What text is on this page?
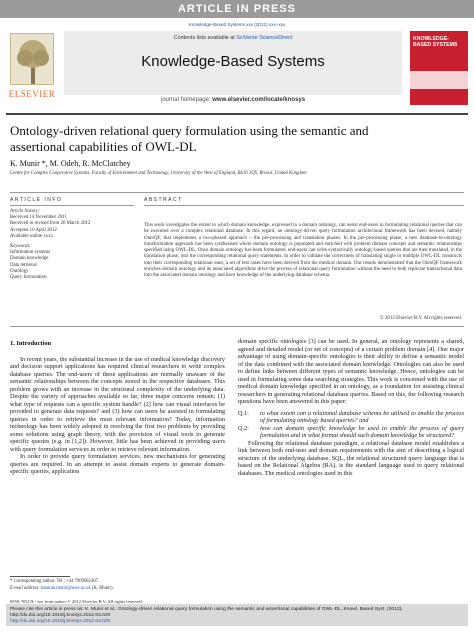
ARTICLE IN PRESS
Knowledge-Based Systems xxx (2012) xxx–xxx
ELSEVIER
Contents lists available at SciVerse ScienceDirect
Knowledge-Based Systems
journal homepage: www.elsevier.com/locate/knosys
KNOWLEDGE-BASED SYSTEMS
Ontology-driven relational query formulation using the semantic and
assertional capabilities of OWL-DL
K. Munir *, M. Odeh, R. McClatchey
Centre for Complex Cooperative Systems, Faculty of Environment and Technology, University of the West of England, BS16 1QY, Bristol, United Kingdom
ARTICLE INFO	ABSTRACT
Article history:
Received 14 November 2011
Received in revised form 26 March 2012
Accepted 10 April 2012
Available online xxxx
Keywords:
Information systems
Domain knowledge
Data retrieval
Ontology
Query formulation
This work investigates the extent to which domain knowledge, expressed in a domain ontology, can assist end-users in formulating relational queries that can be executed over a complex relational database. In this regard, an ontology-driven query formulation architectural framework has been devised, namely OntoQF, that implements a two-phased approach – the pre-processing and translation phases. In the pre-processing phase, a new database-to-ontology transformation approach has been synthesised where domain ontology is populated and enriched with problem domain concepts and semantic relationships specified using OWL-DL. Once domain ontology has been formulated, end-users can write syntactically ontology-based queries that are then translated, in the translation phase, into the corresponding relational query statements. In order to validate the correctness of translating single or multiple OWL-DL constructs into their corresponding relational ones, a set of test cases have been derived from the medical domain. Our results demonstrated that the OntoQF framework enriches domain ontology and its associated algorithms drive the process of relational query formulation without the need to both replicate transactional data into the associated domain ontology and have knowledge of the underlying database schema.
© 2012 Elsevier B.V. All rights reserved.
1. Introduction

In recent years, the substantial increase in the use of medical knowledge discovery and decision support applications has required clinical researchers to write complex database queries. The end-users of these applications are normally unaware of the semantic relationships between the concepts stored in the respective databases. This problem grows with an increase in the structural complexity of the underlying data. Despite the variety of approaches available so far, three major concerns remain: (1) what type of requests can a specific system handle? (2) how can visual interfaces be provided to generate data requests? and (3) how can users be assisted in formulating queries in order to retrieve the most relevant information? Today, information technology has been widely adopted in resolving the first two problems by providing some solutions using graph theory, with the provision of visual tools to generate specific queries (e.g. in [1,2]). However, little has been achieved in providing users with query formulation services in order to retrieve relevant information.

In order to provide query formulation services, new mechanisms for generating queries are required. In an attempt to assist domain experts to generate domain-specific queries, application

domain specific ontologies [3] can be used. In general, an ontology represents a shared, agreed and detailed model (or set of concepts) of a certain problem domain [4]. One major advantage of using domain-specific ontologies is their ability to define a semantic model of the data combined with the associated domain knowledge. Ontologies can also be used to define links between different types of semantic knowledge. Hence, ontologies can be used in formulating some data searching strategies. This work is concerned with the use of medical domain knowledge specified in an ontology, as a foundation for assisting clinical researchers in generating relational database queries. Based on this, the following research questions have been answered in this paper:

Q.1: to what extent can a relational database schema be utilised to enable the process of formulating ontology based queries? and

Q.2: how can domain specific knowledge be used to enable the process of query formulation and in what format should such domain knowledge be structured?

Following the relational database paradigm, a relational database model establishes a link between both end-user and domain requirements with the aim of describing a logical structure of the underlying database. SQL, the relational structured query language that is based on the Relational Algebra (RA), is the standard language used to query relational databases. The medical ontologies used in this

* Corresponding author. Tel.: +44 7909682467.
E-mail address: kamran.munir@uwe.ac.uk (K. Munir).
0950-7051/$ - see front matter © 2012 Elsevier B.V. All rights reserved.
Please cite this article in press as: K. Munir et al., Ontology-driven relational query formulation using the semantic and assertional capabilities of OWL-DL, Knowl. Based Syst. (2012), http://dx.doi.org/10.1016/j.knosys.2012.04.020
http://dx.doi.org/10.1016/j.knosys.2012.04.020
